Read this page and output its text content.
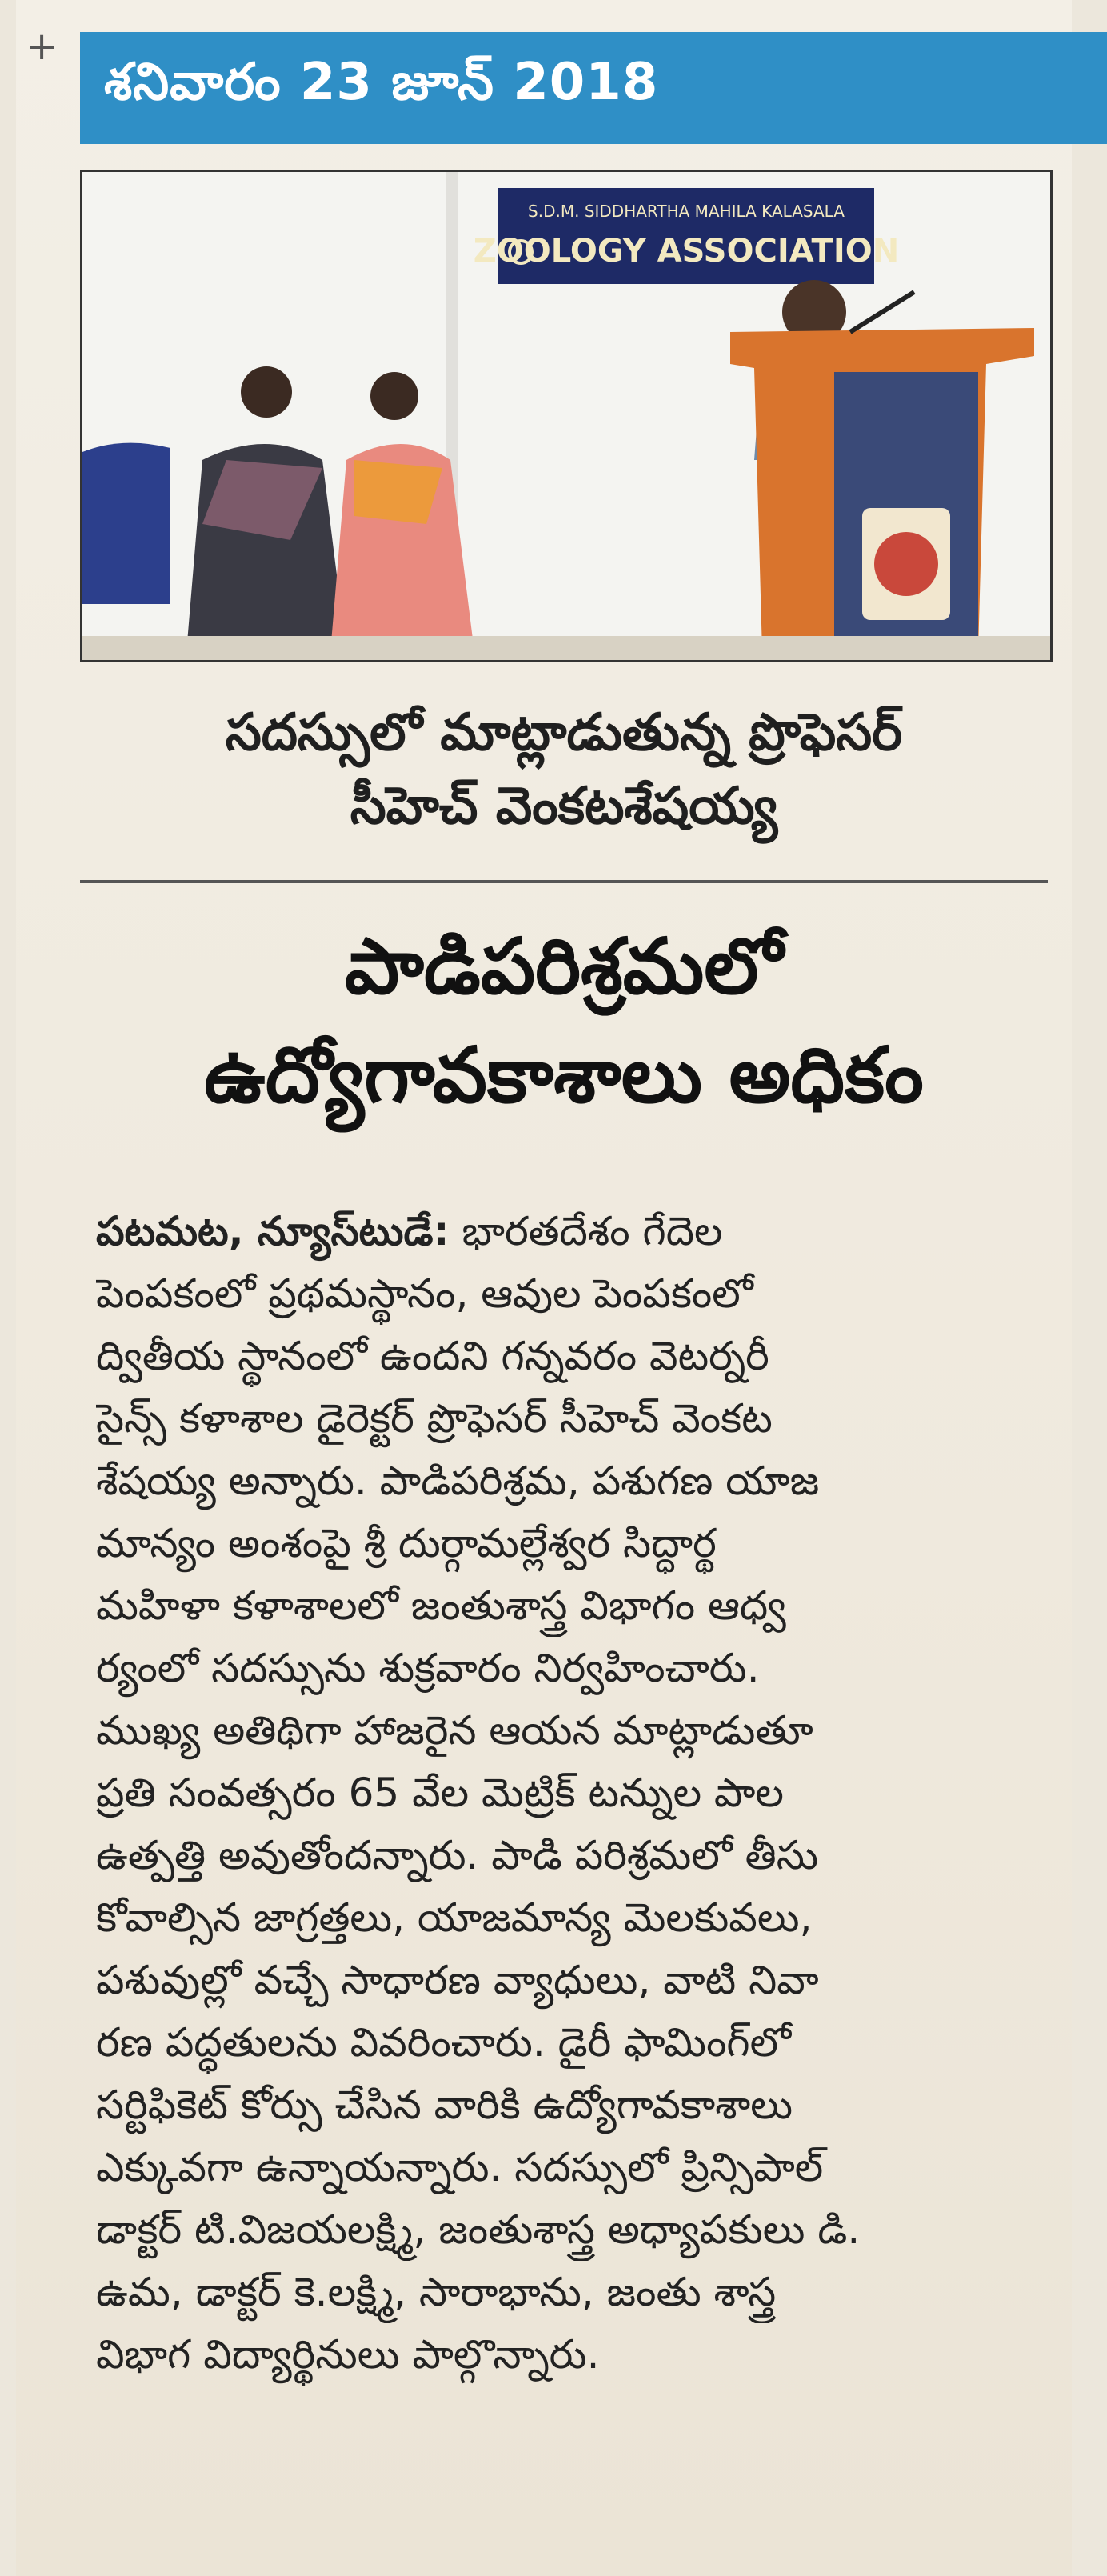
+
శనివారం 23 జూన్ 2018
S.D.M. SIDDHARTHA MAHILA KALASALA
ZOOLOGY ASSOCIATION
సదస్సులో మాట్లాడుతున్న ప్రొఫెసర్
సీహెచ్ వెంకటశేషయ్య
పాడిపరిశ్రమలో
ఉద్యోగావకాశాలు అధికం
పటమట, న్యూస్‌టుడే: భారతదేశం గేదెల
పెంపకంలో ప్రథమస్థానం, ఆవుల పెంపకంలో
ద్వితీయ స్థానంలో ఉందని గన్నవరం వెటర్నరీ
సైన్స్ కళాశాల డైరెక్టర్ ప్రొఫెసర్ సీహెచ్ వెంకట
శేషయ్య అన్నారు. పాడిపరిశ్రమ, పశుగణ యాజ
మాన్యం అంశంపై శ్రీ దుర్గామల్లేశ్వర సిద్ధార్థ
మహిళా కళాశాలలో జంతుశాస్త్ర విభాగం ఆధ్వ
ర్యంలో సదస్సును శుక్రవారం నిర్వహించారు.
ముఖ్య అతిథిగా హాజరైన ఆయన మాట్లాడుతూ
ప్రతి సంవత్సరం 65 వేల మెట్రిక్ టన్నుల పాల
ఉత్పత్తి అవుతోందన్నారు. పాడి పరిశ్రమలో తీసు
కోవాల్సిన జాగ్రత్తలు, యాజమాన్య మెలకువలు,
పశువుల్లో వచ్చే సాధారణ వ్యాధులు, వాటి నివా
రణ పద్ధతులను వివరించారు. డైరీ ఫామింగ్‌లో
సర్టిఫికెట్ కోర్సు చేసిన వారికి ఉద్యోగావకాశాలు
ఎక్కువగా ఉన్నాయన్నారు. సదస్సులో ప్రిన్సిపాల్
డాక్టర్ టి.విజయలక్ష్మి, జంతుశాస్త్ర అధ్యాపకులు డి.
ఉమ, డాక్టర్ కె.లక్ష్మి, సారాభాను, జంతు శాస్త్ర
విభాగ విద్యార్థినులు పాల్గొన్నారు.
